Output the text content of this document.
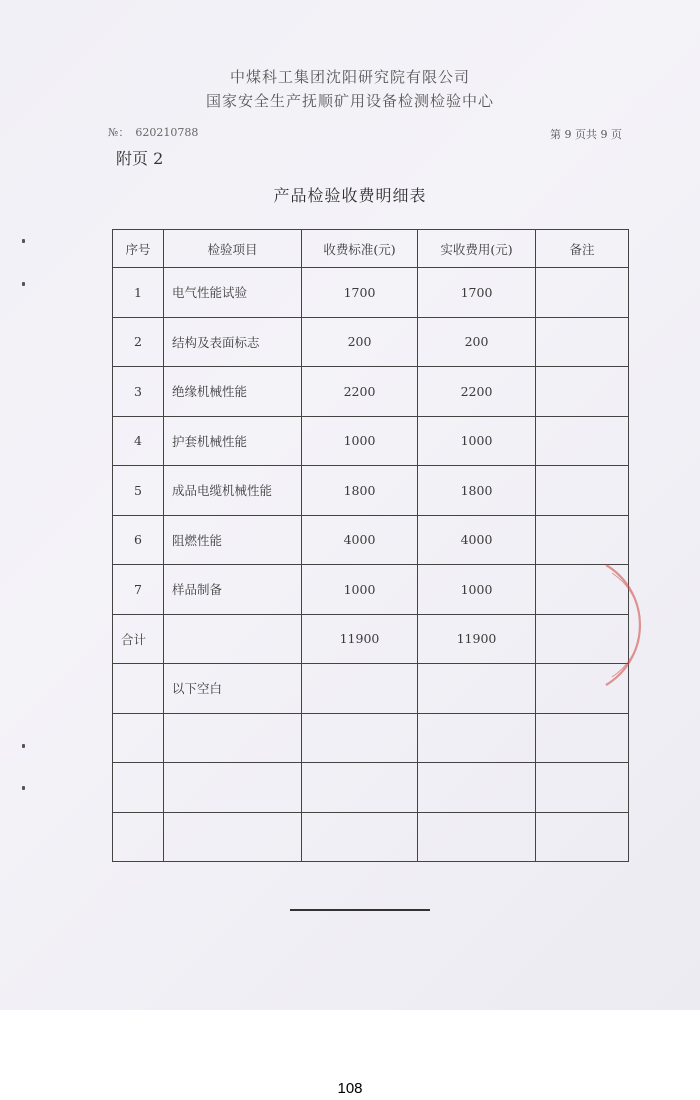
中煤科工集团沈阳研究院有限公司
国家安全生产抚顺矿用设备检测检验中心
№： 620210788	第 9 页共 9 页
附页 2
产品检验收费明细表
序号	检验项目	收费标准(元)	实收费用(元)	备注
1	电气性能试验	1700	1700	
2	结构及表面标志	200	200	
3	绝缘机械性能	2200	2200	
4	护套机械性能	1000	1000	
5	成品电缆机械性能	1800	1800	
6	阻燃性能	4000	4000	
7	样品制备	1000	1000	
合计		11900	11900	
	以下空白			

108
